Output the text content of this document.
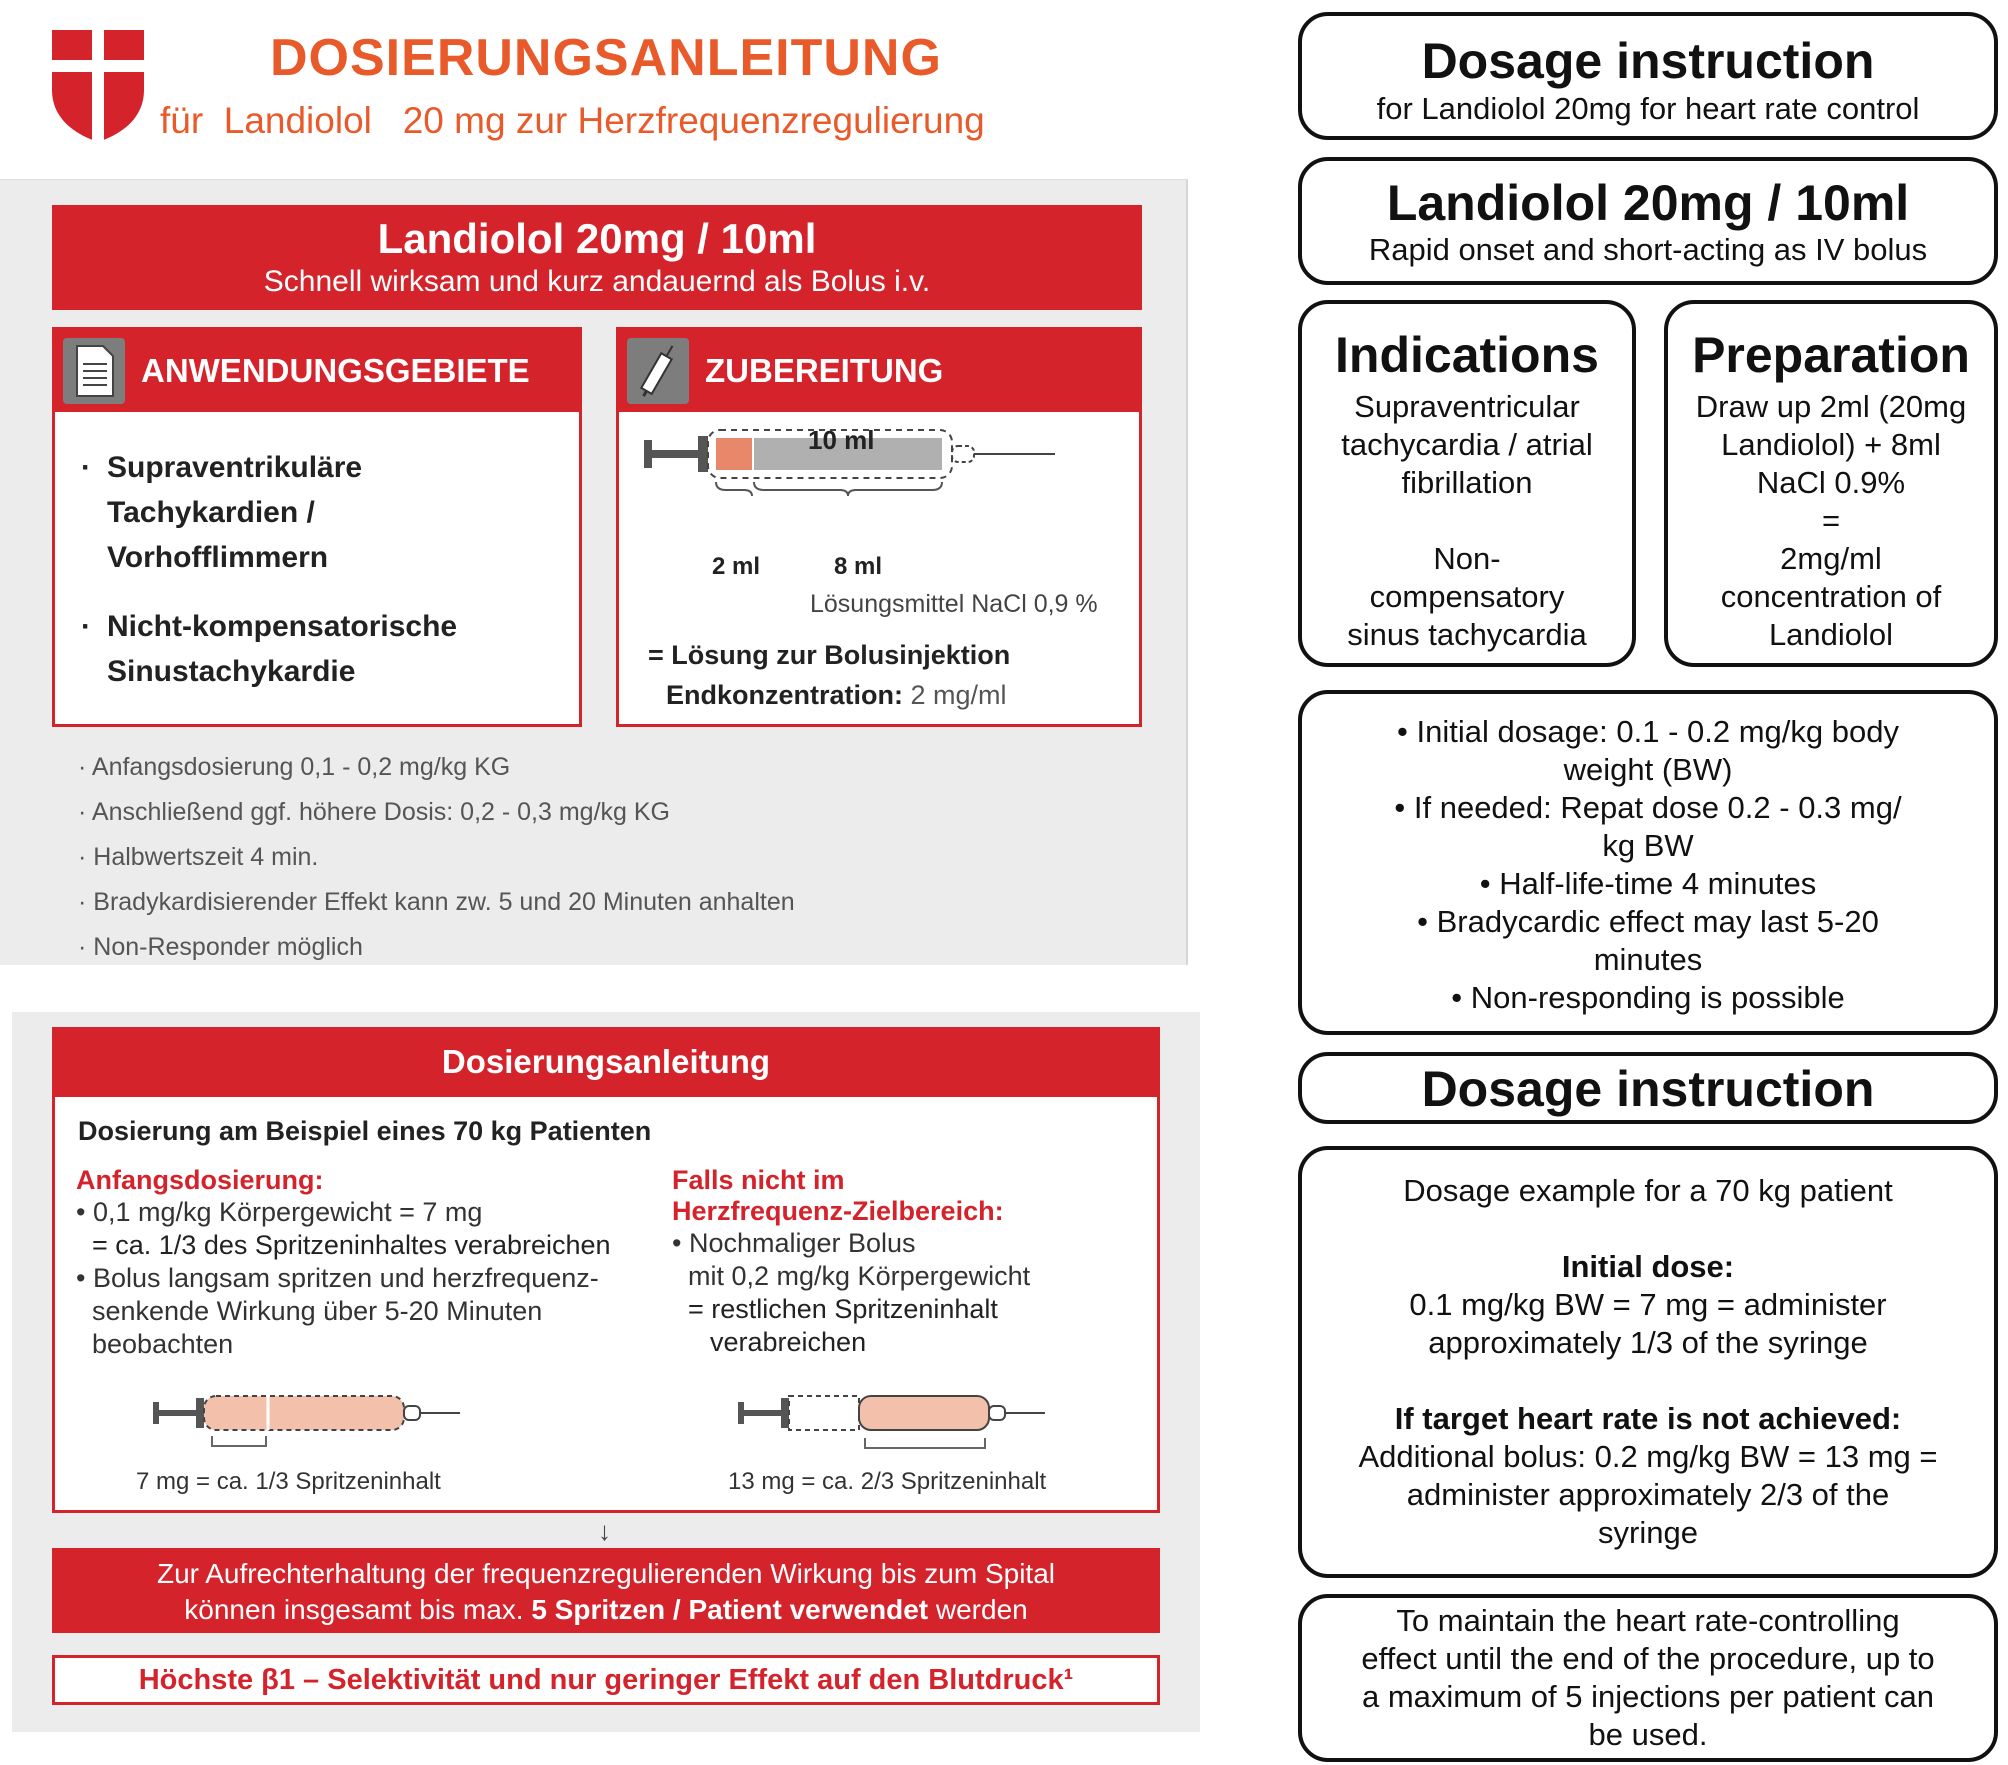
DOSIERUNGSANLEITUNG
für  Landiolol   20 mg zur Herzfrequenzregulierung
Landiolol 20mg / 10ml
Schnell wirksam und kurz andauernd als Bolus i.v.
ANWENDUNGSGEBIETE
· Supraventrikuläre Tachykardien / Vorhofflimmern
· Nicht-kompensatorische Sinustachykardie
ZUBEREITUNG
10 ml
2 ml	8 ml
Lösungsmittel NaCl 0,9 %
= Lösung zur Bolusinjektion
Endkonzentration: 2 mg/ml
· Anfangsdosierung 0,1 - 0,2 mg/kg KG
· Anschließend ggf. höhere Dosis: 0,2 - 0,3 mg/kg KG
· Halbwertszeit 4 min.
· Bradykardisierender Effekt kann zw. 5 und 20 Minuten anhalten
· Non-Responder möglich
Dosierungsanleitung
Dosierung am Beispiel eines 70 kg Patienten
Anfangsdosierung:
• 0,1 mg/kg Körpergewicht = 7 mg
= ca. 1/3 des Spritzeninhaltes verabreichen
• Bolus langsam spritzen und herzfrequenz-
senkende Wirkung über 5-20 Minuten
beobachten
Falls nicht im
Herzfrequenz-Zielbereich:
• Nochmaliger Bolus
mit 0,2 mg/kg Körpergewicht
= restlichen Spritzeninhalt
verabreichen
7 mg = ca. 1/3 Spritzeninhalt	13 mg = ca. 2/3 Spritzeninhalt
↓
Zur Aufrechterhaltung der frequenzregulierenden Wirkung bis zum Spital
können insgesamt bis max. 5 Spritzen / Patient verwendet werden
Höchste β1 – Selektivität und nur geringer Effekt auf den Blutdruck¹
Dosage instruction
for Landiolol 20mg for heart rate control
Landiolol 20mg / 10ml
Rapid onset and short-acting as IV bolus
Indications
Supraventricular
tachycardia / atrial
fibrillation
Non-
compensatory
sinus tachycardia
Preparation
Draw up 2ml (20mg
Landiolol) + 8ml
NaCl 0.9%
=
2mg/ml
concentration of
Landiolol
• Initial dosage: 0.1 - 0.2 mg/kg body
weight (BW)
• If needed: Repat dose 0.2 - 0.3 mg/
kg BW
• Half-life-time 4 minutes
• Bradycardic effect may last 5-20
minutes
• Non-responding is possible
Dosage instruction
Dosage example for a 70 kg patient
Initial dose:
0.1 mg/kg BW = 7 mg = administer
approximately 1/3 of the syringe
If target heart rate is not achieved:
Additional bolus: 0.2 mg/kg BW = 13 mg =
administer approximately 2/3 of the
syringe
To maintain the heart rate-controlling
effect until the end of the procedure, up to
a maximum of 5 injections per patient can
be used.
